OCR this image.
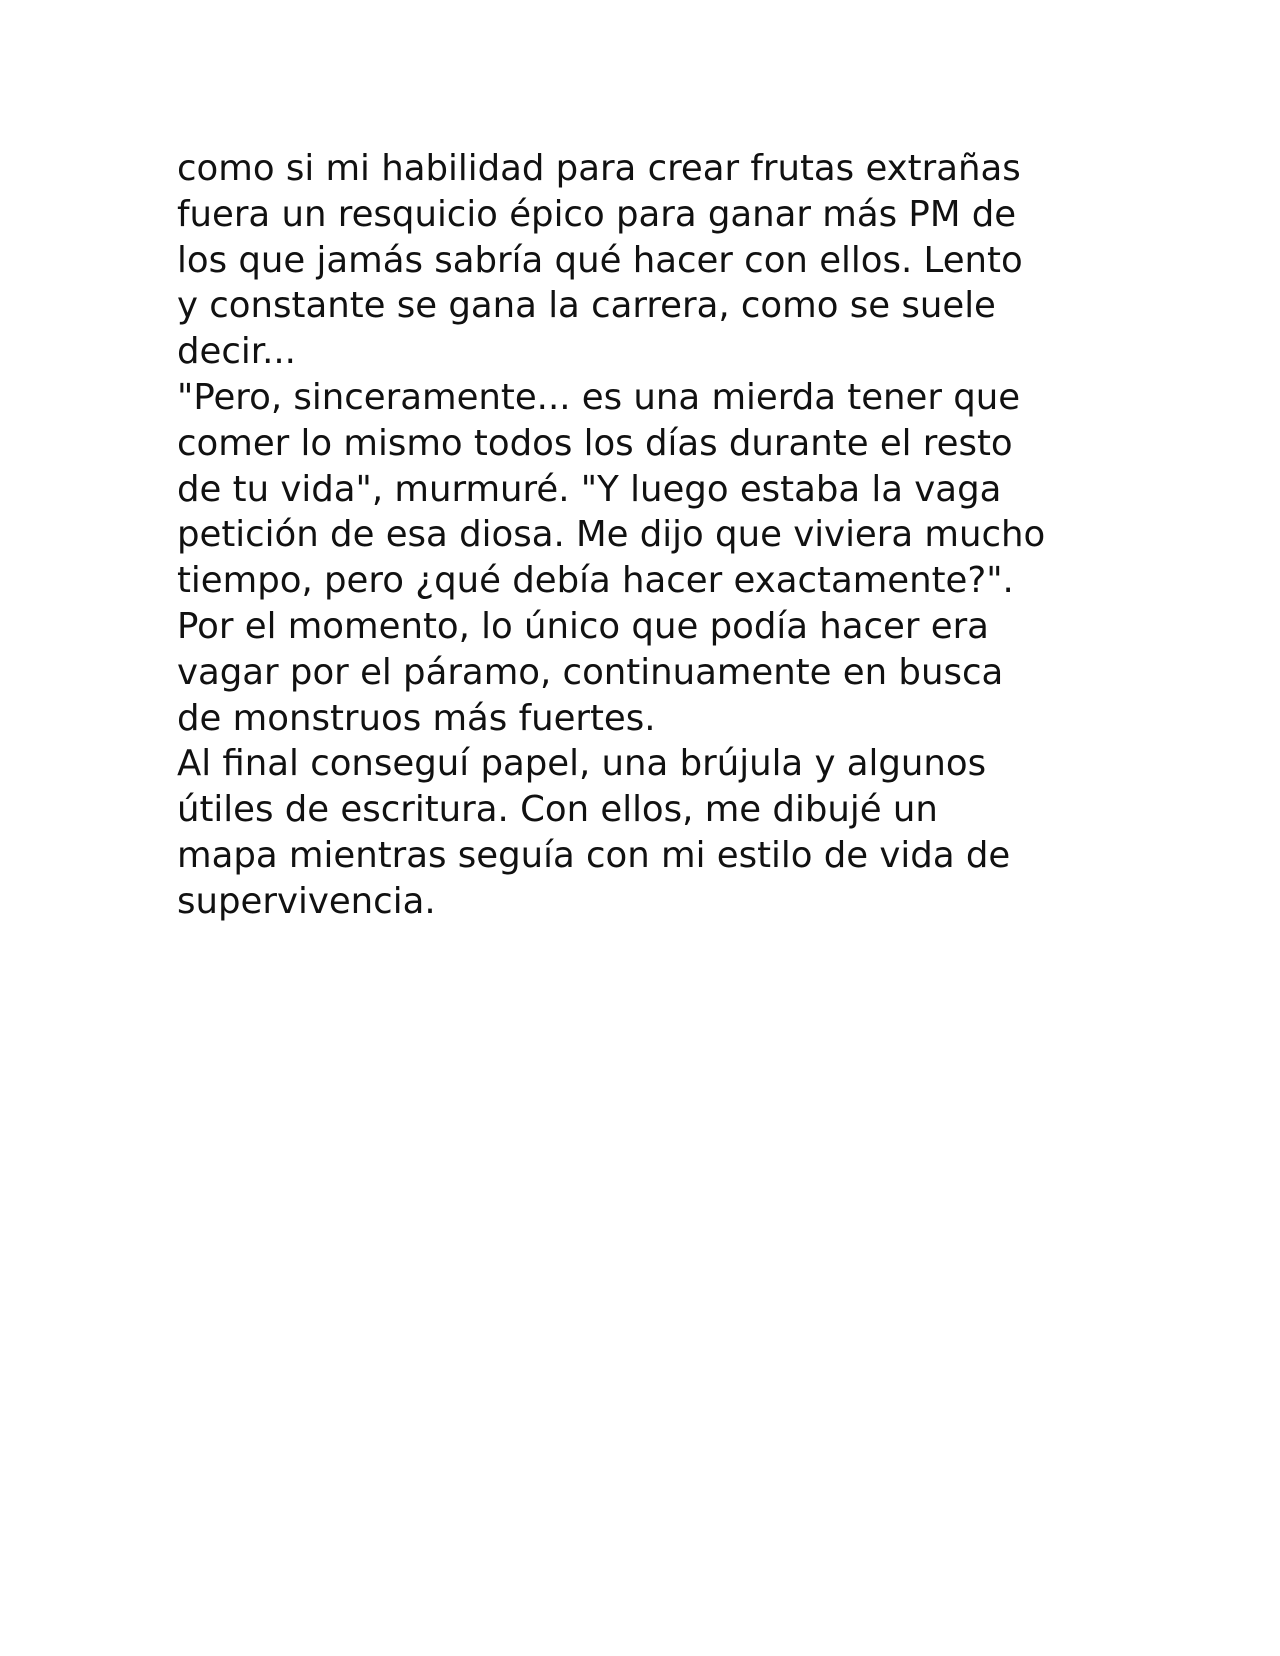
como si mi habilidad para crear frutas extrañas
fuera un resquicio épico para ganar más PM de
los que jamás sabría qué hacer con ellos. Lento
y constante se gana la carrera, como se suele
decir...
"Pero, sinceramente... es una mierda tener que
comer lo mismo todos los días durante el resto
de tu vida", murmuré. "Y luego estaba la vaga
petición de esa diosa. Me dijo que viviera mucho
tiempo, pero ¿qué debía hacer exactamente?".
Por el momento, lo único que podía hacer era
vagar por el páramo, continuamente en busca
de monstruos más fuertes.
Al final conseguí papel, una brújula y algunos
útiles de escritura. Con ellos, me dibujé un
mapa mientras seguía con mi estilo de vida de
supervivencia.
